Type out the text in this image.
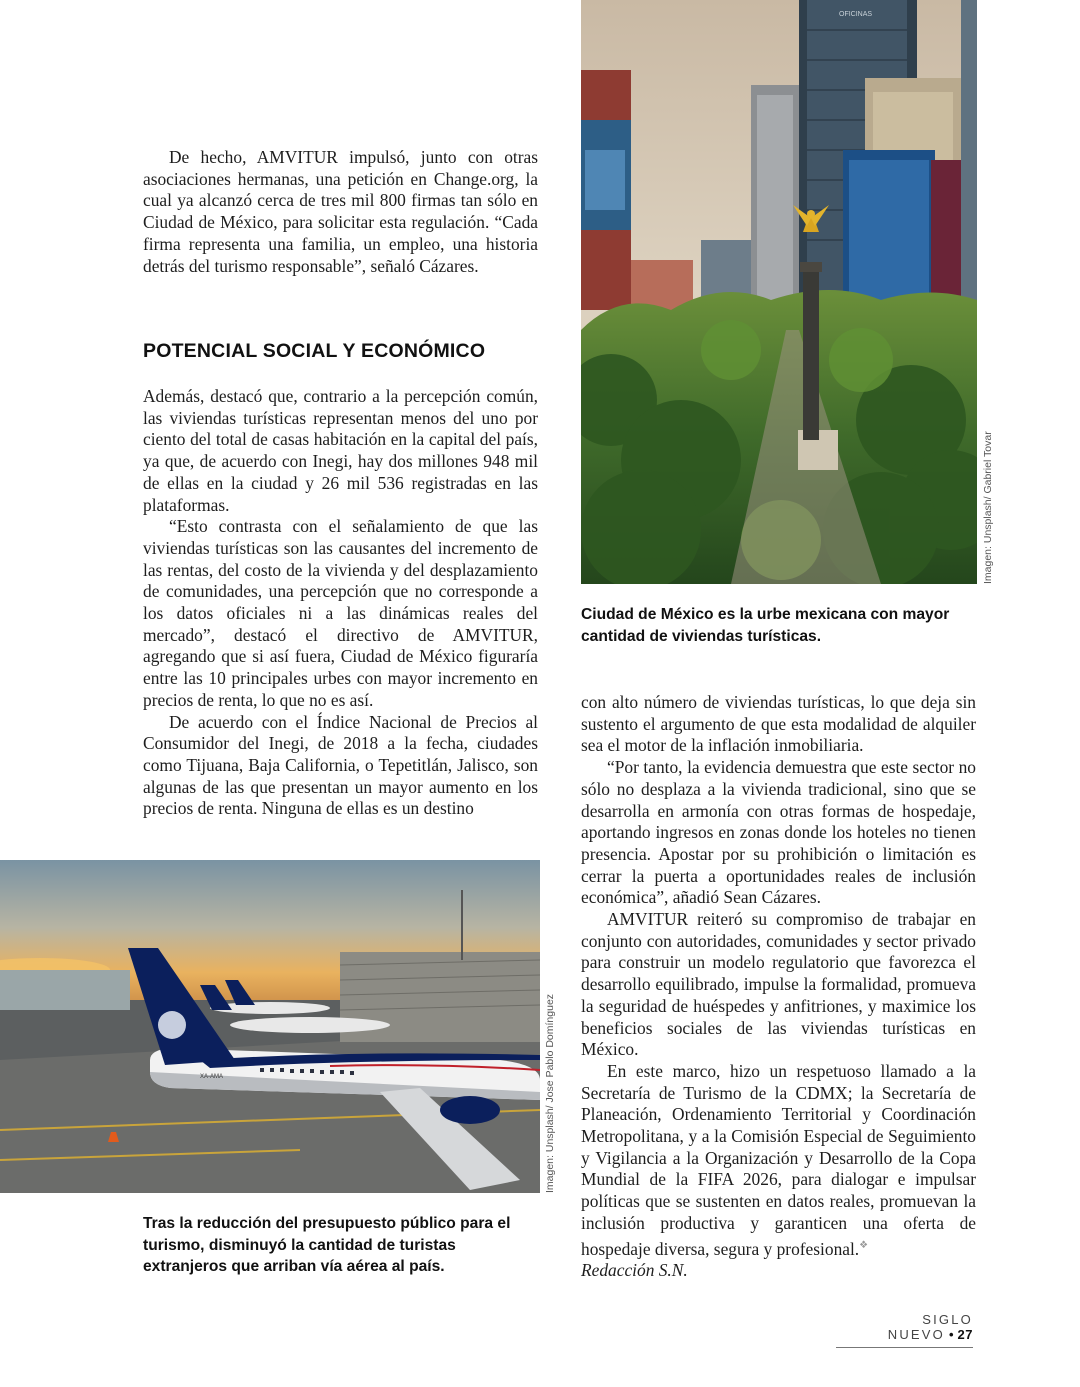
OFICINAS
Imagen: Unsplash/ Gabriel Tovar

De hecho, AMVITUR impulsó, junto con otras asociaciones hermanas, una petición en Change.org, la cual ya alcanzó cerca de tres mil 800 firmas tan sólo en Ciudad de México, para solicitar esta regulación. “Cada firma representa una familia, un empleo, una historia detrás del turismo responsable”, señaló Cázares.

POTENCIAL SOCIAL Y ECONÓMICO

Además, destacó que, contrario a la percepción común, las viviendas turísticas representan menos del uno por ciento del total de casas habitación en la capital del país, ya que, de acuerdo con Inegi, hay dos millones 948 mil de ellas en la ciudad y 26 mil 536 registradas en las plataformas.

“Esto contrasta con el señalamiento de que las viviendas turísticas son las causantes del incremento de las rentas, del costo de la vivienda y del desplazamiento de comunidades, una percepción que no corresponde a los datos oficiales ni a las dinámicas reales del mercado”, destacó el directivo de AMVITUR, agregando que si así fuera, Ciudad de México figuraría entre las 10 principales urbes con mayor incremento en precios de renta, lo que no es así.

De acuerdo con el Índice Nacional de Precios al Consumidor del Inegi, de 2018 a la fecha, ciudades como Tijuana, Baja California, o Tepetitlán, Jalisco, son algunas de las que presentan un mayor aumento en los precios de renta. Ninguna de ellas es un destino

Ciudad de México es la urbe mexicana con mayor cantidad de viviendas turísticas.

con alto número de viviendas turísticas, lo que deja sin sustento el argumento de que esta modalidad de alquiler sea el motor de la inflación inmobiliaria.

“Por tanto, la evidencia demuestra que este sector no sólo no desplaza a la vivienda tradicional, sino que se desarrolla en armonía con otras formas de hospedaje, aportando ingresos en zonas donde los hoteles no tienen presencia. Apostar por su prohibición o limitación es cerrar la puerta a oportunidades reales de inclusión económica”, añadió Sean Cázares.

AMVITUR reiteró su compromiso de trabajar en conjunto con autoridades, comunidades y sector privado para construir un modelo regulatorio que favorezca el desarrollo equilibrado, impulse la formalidad, promueva la seguridad de huéspedes y anfitriones, y maximice los beneficios sociales de las viviendas turísticas en México.

En este marco, hizo un respetuoso llamado a la Secretaría de Turismo de la CDMX; la Secretaría de Planeación, Ordenamiento Territorial y Coordinación Metropolitana, y a la Comisión Especial de Seguimiento y Vigilancia a la Organización y Desarrollo de la Copa Mundial de la FIFA 2026, para dialogar e impulsar políticas que se sustenten en datos reales, promuevan la inclusión productiva y garanticen una oferta de hospedaje diversa, segura y profesional.❖

Redacción S.N.

XA-AMA	Imagen: Unsplash/ Jose Pablo Domínguez
Tras la reducción del presupuesto público para el turismo, disminuyó la cantidad de turistas extranjeros que arriban vía aérea al país.
SIGLO NUEVO • 27
